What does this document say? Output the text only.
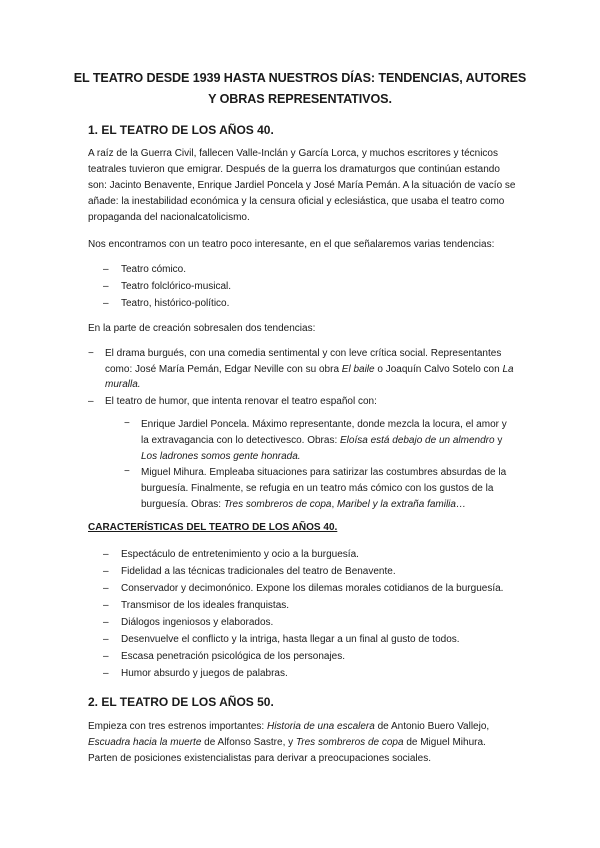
EL TEATRO DESDE 1939 HASTA NUESTROS DÍAS: TENDENCIAS, AUTORES
Y OBRAS REPRESENTATIVOS.
1. EL TEATRO DE LOS AÑOS 40.
A raíz de la Guerra Civil, fallecen Valle-Inclán y García Lorca, y muchos escritores y técnicos
teatrales tuvieron que emigrar. Después de la guerra los dramaturgos que continúan estando
son: Jacinto Benavente, Enrique Jardiel Poncela y José María Pemán. A la situación de vacío se
añade: la inestabilidad económica y la censura oficial y eclesiástica, que usaba el teatro como
propaganda del nacionalcatolicismo.
Nos encontramos con un teatro poco interesante, en el que señalaremos varias tendencias:
– Teatro cómico.
– Teatro folclórico-musical.
– Teatro, histórico-político.
En la parte de creación sobresalen dos tendencias:
− El drama burgués, con una comedia sentimental y con leve crítica social. Representantes
como: José María Pemán, Edgar Neville con su obra El baile o Joaquín Calvo Sotelo con La
muralla.
– El teatro de humor, que intenta renovar el teatro español con:
− Enrique Jardiel Poncela. Máximo representante, donde mezcla la locura, el amor y
la extravagancia con lo detectivesco. Obras: Eloísa está debajo de un almendro y
Los ladrones somos gente honrada.
− Miguel Mihura. Empleaba situaciones para satirizar las costumbres absurdas de la
burguesía. Finalmente, se refugia en un teatro más cómico con los gustos de la
burguesía. Obras: Tres sombreros de copa, Maribel y la extraña familia…
CARACTERÍSTICAS DEL TEATRO DE LOS AÑOS 40.
– Espectáculo de entretenimiento y ocio a la burguesía.
– Fidelidad a las técnicas tradicionales del teatro de Benavente.
– Conservador y decimonónico. Expone los dilemas morales cotidianos de la burguesía.
– Transmisor de los ideales franquistas.
– Diálogos ingeniosos y elaborados.
– Desenvuelve el conflicto y la intriga, hasta llegar a un final al gusto de todos.
– Escasa penetración psicológica de los personajes.
– Humor absurdo y juegos de palabras.
2. EL TEATRO DE LOS AÑOS 50.
Empieza con tres estrenos importantes: Historia de una escalera de Antonio Buero Vallejo,
Escuadra hacia la muerte de Alfonso Sastre, y Tres sombreros de copa de Miguel Mihura.
Parten de posiciones existencialistas para derivar a preocupaciones sociales.
